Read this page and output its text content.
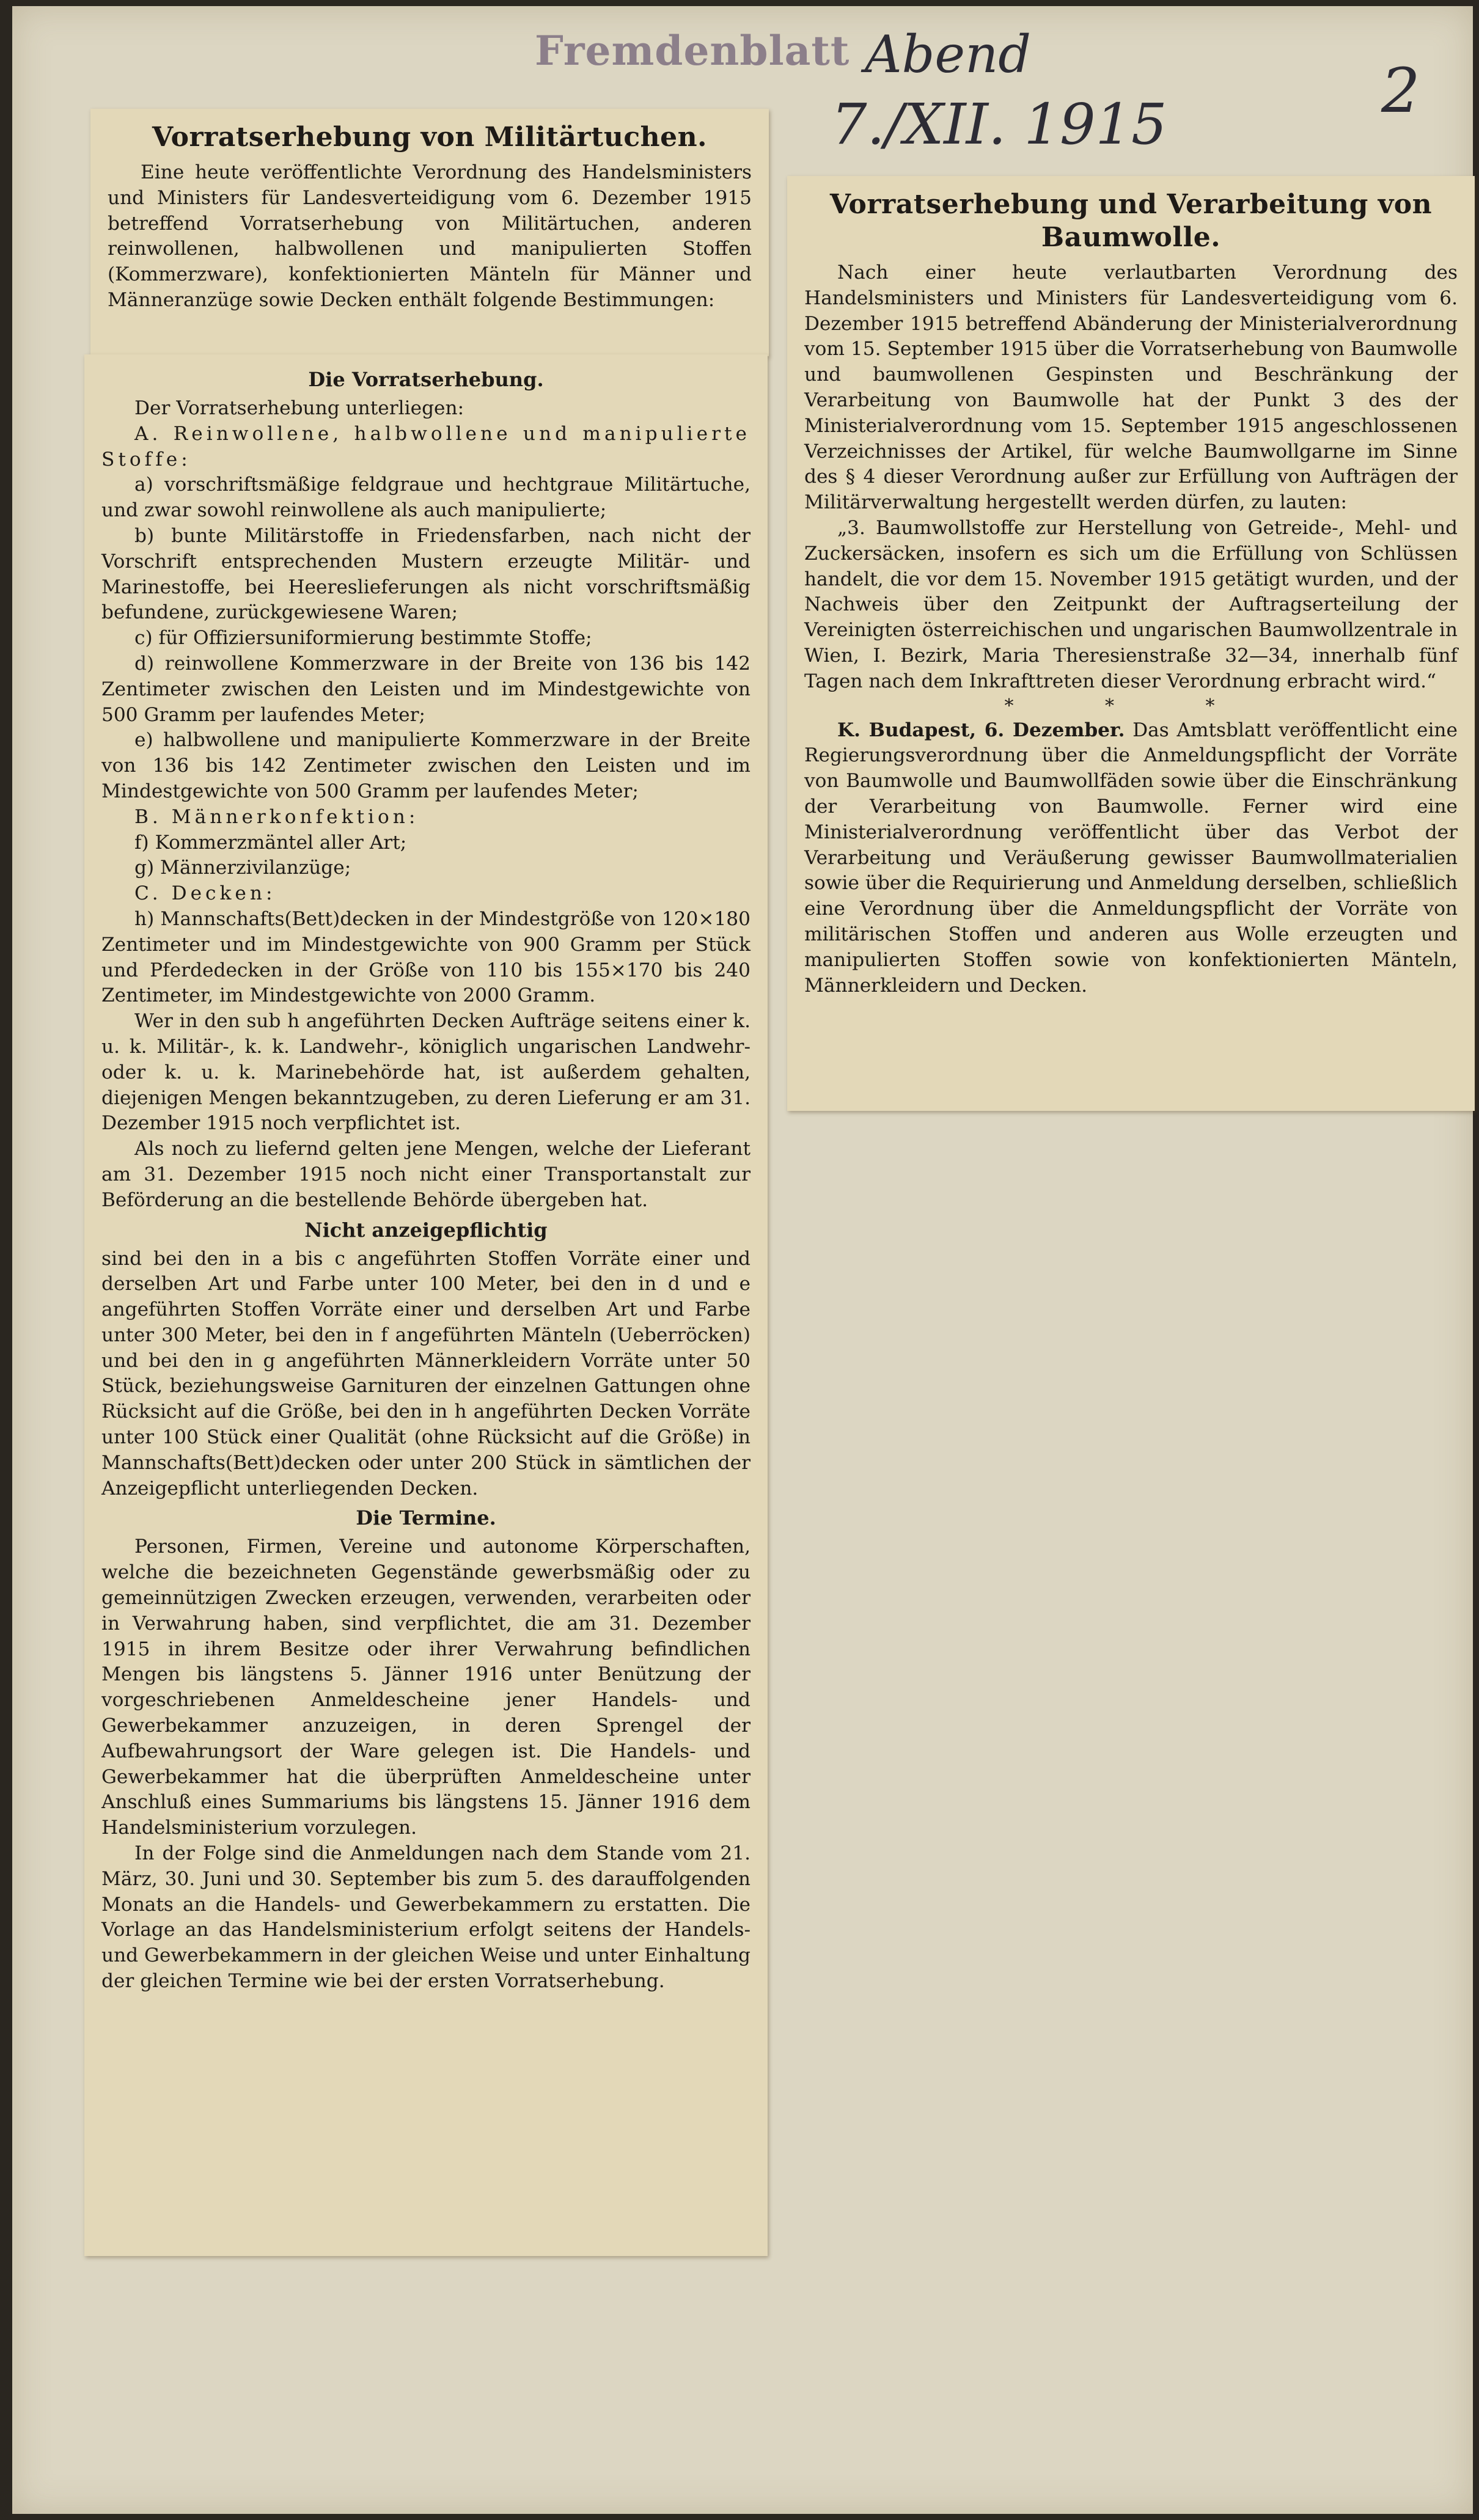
Fremdenblatt Abend
7./XII. 1915	2
Vorratserhebung von Militärtuchen.

Eine heute veröffentlichte Verordnung des Handelsministers und Ministers für Landesverteidigung vom 6. Dezember 1915 betreffend Vorratserhebung von Militärtuchen, anderen reinwollenen, halbwollenen und manipulierten Stoffen (Kommerzware), konfektionierten Mänteln für Männer und Männeranzüge sowie Decken enthält folgende Bestimmungen:

Die Vorratserhebung.

Der Vorratserhebung unterliegen:

A. Reinwollene, halbwollene und manipulierte Stoffe:

a) vorschriftsmäßige feldgraue und hechtgraue Militärtuche, und zwar sowohl reinwollene als auch manipulierte;

b) bunte Militärstoffe in Friedensfarben, nach nicht der Vorschrift entsprechenden Mustern erzeugte Militär- und Marinestoffe, bei Heereslieferungen als nicht vorschriftsmäßig befundene, zurückgewiesene Waren;

c) für Offiziersuniformierung bestimmte Stoffe;

d) reinwollene Kommerzware in der Breite von 136 bis 142 Zentimeter zwischen den Leisten und im Mindestgewichte von 500 Gramm per laufendes Meter;

e) halbwollene und manipulierte Kommerzware in der Breite von 136 bis 142 Zentimeter zwischen den Leisten und im Mindestgewichte von 500 Gramm per laufendes Meter;

B. Männerkonfektion:

f) Kommerzmäntel aller Art;

g) Männerzivilanzüge;

C. Decken:

h) Mannschafts(Bett)decken in der Mindestgröße von 120×180 Zentimeter und im Mindestgewichte von 900 Gramm per Stück und Pferdedecken in der Größe von 110 bis 155×170 bis 240 Zentimeter, im Mindestgewichte von 2000 Gramm.

Wer in den sub h angeführten Decken Aufträge seitens einer k. u. k. Militär-, k. k. Landwehr-, königlich ungarischen Landwehr- oder k. u. k. Marinebehörde hat, ist außerdem gehalten, diejenigen Mengen bekanntzugeben, zu deren Lieferung er am 31. Dezember 1915 noch verpflichtet ist.

Als noch zu liefernd gelten jene Mengen, welche der Lieferant am 31. Dezember 1915 noch nicht einer Transportanstalt zur Beförderung an die bestellende Behörde übergeben hat.

Nicht anzeigepflichtig

sind bei den in a bis c angeführten Stoffen Vorräte einer und derselben Art und Farbe unter 100 Meter, bei den in d und e angeführten Stoffen Vorräte einer und derselben Art und Farbe unter 300 Meter, bei den in f angeführten Mänteln (Ueberröcken) und bei den in g angeführten Männerkleidern Vorräte unter 50 Stück, beziehungsweise Garnituren der einzelnen Gattungen ohne Rücksicht auf die Größe, bei den in h angeführten Decken Vorräte unter 100 Stück einer Qualität (ohne Rücksicht auf die Größe) in Mannschafts(Bett)decken oder unter 200 Stück in sämtlichen der Anzeigepflicht unterliegenden Decken.

Die Termine.

Personen, Firmen, Vereine und autonome Körperschaften, welche die bezeichneten Gegenstände gewerbsmäßig oder zu gemeinnützigen Zwecken erzeugen, verwenden, verarbeiten oder in Verwahrung haben, sind verpflichtet, die am 31. Dezember 1915 in ihrem Besitze oder ihrer Verwahrung befindlichen Mengen bis längstens 5. Jänner 1916 unter Benützung der vorgeschriebenen Anmeldescheine jener Handels- und Gewerbekammer anzuzeigen, in deren Sprengel der Aufbewahrungsort der Ware gelegen ist. Die Handels- und Gewerbekammer hat die überprüften Anmeldescheine unter Anschluß eines Summariums bis längstens 15. Jänner 1916 dem Handelsministerium vorzulegen.

In der Folge sind die Anmeldungen nach dem Stande vom 21. März, 30. Juni und 30. September bis zum 5. des darauffolgenden Monats an die Handels- und Gewerbekammern zu erstatten. Die Vorlage an das Handelsministerium erfolgt seitens der Handels- und Gewerbekammern in der gleichen Weise und unter Einhaltung der gleichen Termine wie bei der ersten Vorratserhebung.

Vorratserhebung und Verarbeitung von Baumwolle.

Nach einer heute verlautbarten Verordnung des Handelsministers und Ministers für Landesverteidigung vom 6. Dezember 1915 betreffend Abänderung der Ministerialverordnung vom 15. September 1915 über die Vorratserhebung von Baumwolle und baumwollenen Gespinsten und Beschränkung der Verarbeitung von Baumwolle hat der Punkt 3 des der Ministerialverordnung vom 15. September 1915 angeschlossenen Verzeichnisses der Artikel, für welche Baumwollgarne im Sinne des § 4 dieser Verordnung außer zur Erfüllung von Aufträgen der Militärverwaltung hergestellt werden dürfen, zu lauten:

„3. Baumwollstoffe zur Herstellung von Getreide-, Mehl- und Zuckersäcken, insofern es sich um die Erfüllung von Schlüssen handelt, die vor dem 15. November 1915 getätigt wurden, und der Nachweis über den Zeitpunkt der Auftragserteilung der Vereinigten österreichischen und ungarischen Baumwollzentrale in Wien, I. Bezirk, Maria Theresienstraße 32—34, innerhalb fünf Tagen nach dem Inkrafttreten dieser Verordnung erbracht wird.“

* * *

K. Budapest, 6. Dezember. Das Amtsblatt veröffentlicht eine Regierungsverordnung über die Anmeldungspflicht der Vorräte von Baumwolle und Baumwollfäden sowie über die Einschränkung der Verarbeitung von Baumwolle. Ferner wird eine Ministerialverordnung veröffentlicht über das Verbot der Verarbeitung und Veräußerung gewisser Baumwollmaterialien sowie über die Requirierung und Anmeldung derselben, schließlich eine Verordnung über die Anmeldungspflicht der Vorräte von militärischen Stoffen und anderen aus Wolle erzeugten und manipulierten Stoffen sowie von konfektionierten Mänteln, Männerkleidern und Decken.
